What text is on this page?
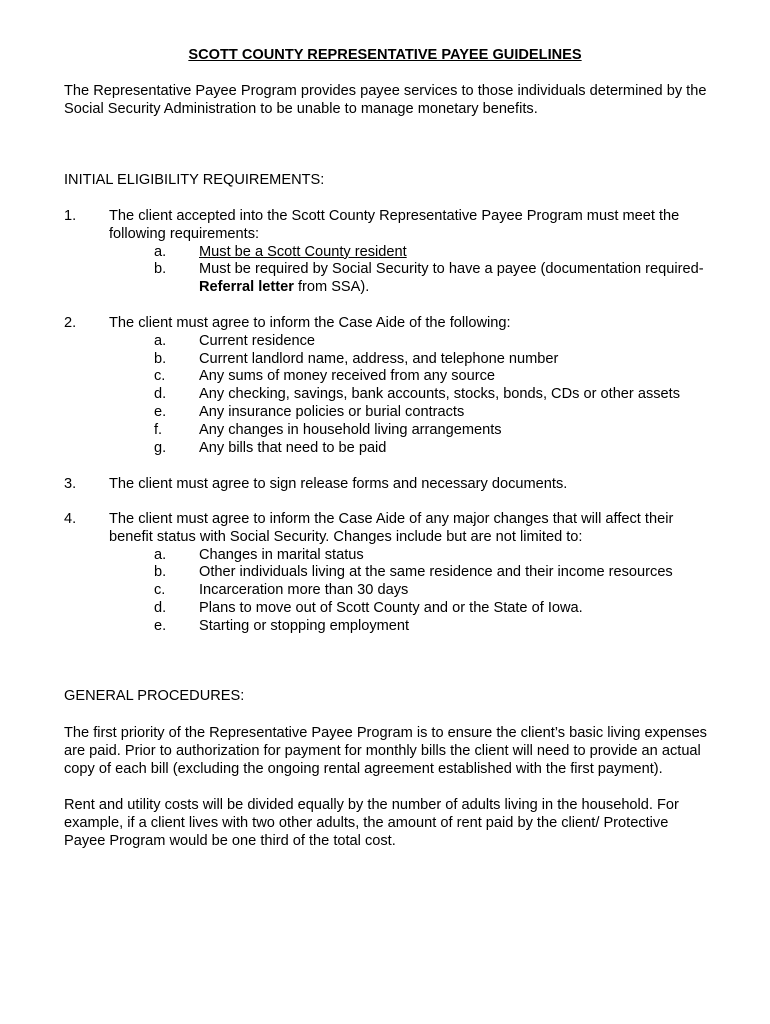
SCOTT COUNTY REPRESENTATIVE PAYEE GUIDELINES
The Representative Payee Program provides payee services to those individuals determined by the Social Security Administration to be unable to manage monetary benefits.
INITIAL ELIGIBILITY REQUIREMENTS:
1. The client accepted into the Scott County Representative Payee Program must meet the following requirements:
a. Must be a Scott County resident
b. Must be required by Social Security to have a payee (documentation required-Referral letter from SSA).
2. The client must agree to inform the Case Aide of the following:
a. Current residence
b. Current landlord name, address, and telephone number
c. Any sums of money received from any source
d. Any checking, savings, bank accounts, stocks, bonds, CDs or other assets
e. Any insurance policies or burial contracts
f.	Any changes in household living arrangements
g. Any bills that need to be paid
3. The client must agree to sign release forms and necessary documents.
4. The client must agree to inform the Case Aide of any major changes that will affect their benefit status with Social Security. Changes include but are not limited to:
a. Changes in marital status
b. Other individuals living at the same residence and their income resources
c. Incarceration more than 30 days
d. Plans to move out of Scott County and or the State of Iowa.
e. Starting or stopping employment
GENERAL PROCEDURES:
The first priority of the Representative Payee Program is to ensure the client’s basic living expenses are paid. Prior to authorization for payment for monthly bills the client will need to provide an actual copy of each bill (excluding the ongoing rental agreement established with the first payment).
Rent and utility costs will be divided equally by the number of adults living in the household. For example, if a client lives with two other adults, the amount of rent paid by the client/ Protective Payee Program would be one third of the total cost.
